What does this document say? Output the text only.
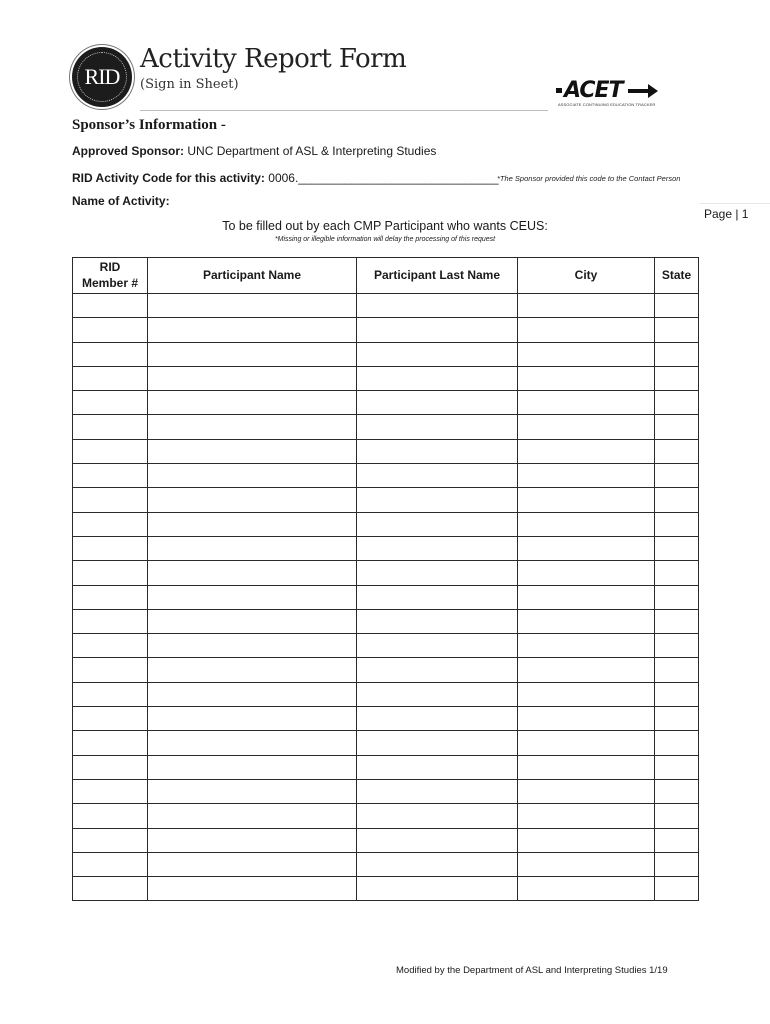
RID
Activity Report Form
(Sign in Sheet)	ACET
ASSOCIATE CONTINUING EDUCATION TRACKER
Sponsor’s Information -
Approved Sponsor: UNC Department of ASL & Interpreting Studies
RID Activity Code for this activity: 0006.______________________________
*The Sponsor provided this code to the Contact Person
Name of Activity:
Page | 1
To be filled out by each CMP Participant who wants CEUS:
*Missing or illegible information will delay the processing of this request
RID
Member #	Participant Name	Participant Last Name	City	State

Modified by the Department of ASL and Interpreting Studies 1/19
